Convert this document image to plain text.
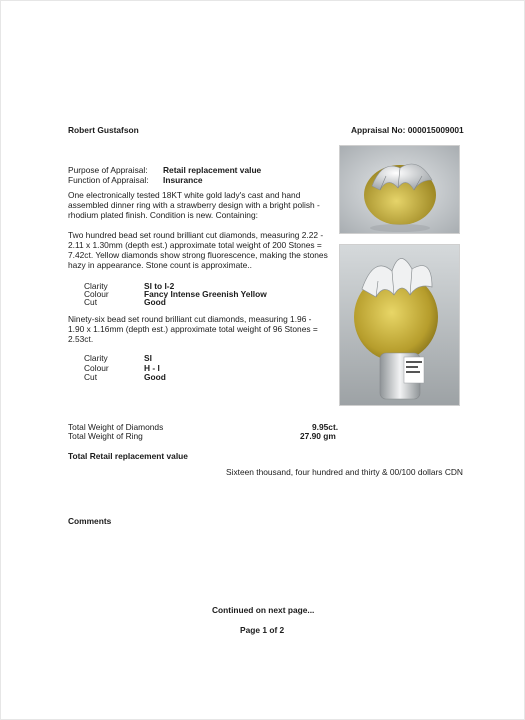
Robert Gustafson	Appraisal No: 000015009001
Purpose of Appraisal: Retail replacement value
Function of Appraisal: Insurance
One electronically tested 18KT white gold lady's cast and hand assembled dinner ring with a strawberry design with a bright polish - rhodium plated finish. Condition is new. Containing:
Two hundred bead set round brilliant cut diamonds, measuring 2.22 - 2.11 x 1.30mm (depth est.) approximate total weight of 200 Stones = 7.42ct. Yellow diamonds show strong fluorescence, making the stones hazy in appearance. Stone count is approximate..
Clarity	SI to I-2
Colour	Fancy Intense Greenish Yellow
Cut	Good
Ninety-six bead set round brilliant cut diamonds, measuring 1.96 - 1.90 x 1.16mm (depth est.) approximate total weight of 96 Stones = 2.53ct.
Clarity	SI
Colour	H - I
Cut	Good
Total Weight of Diamonds	9.95ct.
Total Weight of Ring	27.90 gm
Total Retail replacement value
Sixteen thousand, four hundred and thirty & 00/100 dollars CDN
Comments
Continued on next page...
Page 1 of 2
